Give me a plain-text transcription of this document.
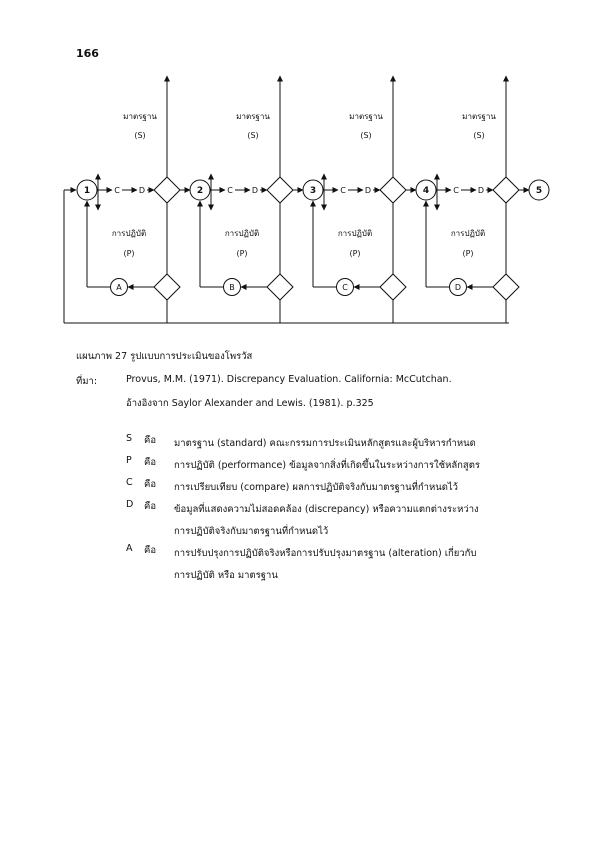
166
1	C D
มาตรฐาน
(S)
การปฏิบัติ
(P)
A
2	C D
มาตรฐาน
(S)
การปฏิบัติ
(P)
B
3	C D
มาตรฐาน
(S)
การปฏิบัติ
(P)
C
4	C D
มาตรฐาน
(S)
การปฏิบัติ
(P)
D
5
แผนภาพ 27 รูปแบบการประเมินของโพรวัส
ที่มา:	Provus, M.M. (1971). Discrepancy Evaluation. California: McCutchan.
อ้างอิงจาก Saylor Alexander and Lewis. (1981). p.325
S คือ มาตรฐาน (standard) คณะกรรมการประเมินหลักสูตรและผู้บริหารกำหนด
P คือ การปฏิบัติ (performance) ข้อมูลจากสิ่งที่เกิดขึ้นในระหว่างการใช้หลักสูตร
C คือ การเปรียบเทียบ (compare) ผลการปฏิบัติจริงกับมาตรฐานที่กำหนดไว้
D คือ ข้อมูลที่แสดงความไม่สอดคล้อง (discrepancy) หรือความแตกต่างระหว่าง
การปฏิบัติจริงกับมาตรฐานที่กำหนดไว้
A คือ การปรับปรุงการปฏิบัติจริงหรือการปรับปรุงมาตรฐาน (alteration) เกี่ยวกับ
การปฏิบัติ หรือ มาตรฐาน
